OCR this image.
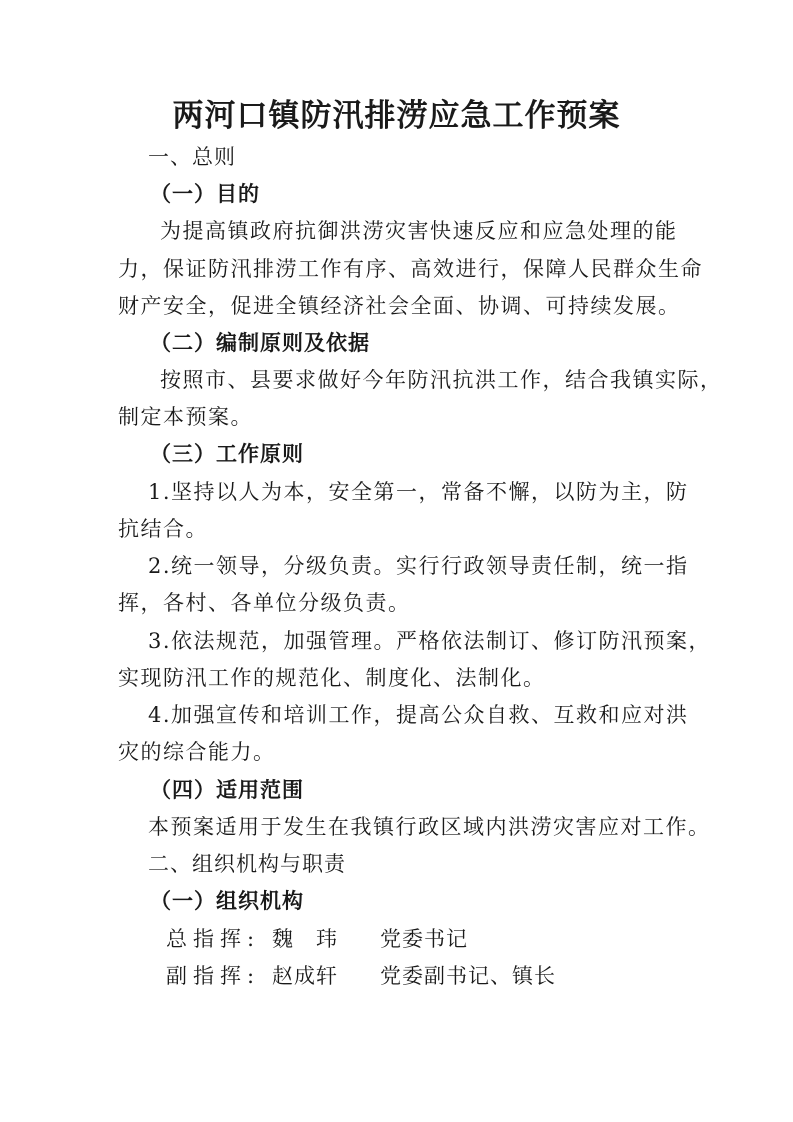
两河口镇防汛排涝应急工作预案
一、总则
（一）目的
为提高镇政府抗御洪涝灾害快速反应和应急处理的能
力，保证防汛排涝工作有序、高效进行，保障人民群众生命
财产安全，促进全镇经济社会全面、协调、可持续发展。
（二）编制原则及依据
按照市、县要求做好今年防汛抗洪工作，结合我镇实际，
制定本预案。
（三）工作原则
1.坚持以人为本，安全第一，常备不懈，以防为主，防
抗结合。
2.统一领导，分级负责。实行行政领导责任制，统一指
挥，各村、各单位分级负责。
3.依法规范，加强管理。严格依法制订、修订防汛预案，
实现防汛工作的规范化、制度化、法制化。
4.加强宣传和培训工作，提高公众自救、互救和应对洪
灾的综合能力。
（四）适用范围
本预案适用于发生在我镇行政区域内洪涝灾害应对工作。
二、组织机构与职责
（一）组织机构
总指挥: 魏　玮 党委书记
副指挥: 赵成轩 党委副书记、镇长
